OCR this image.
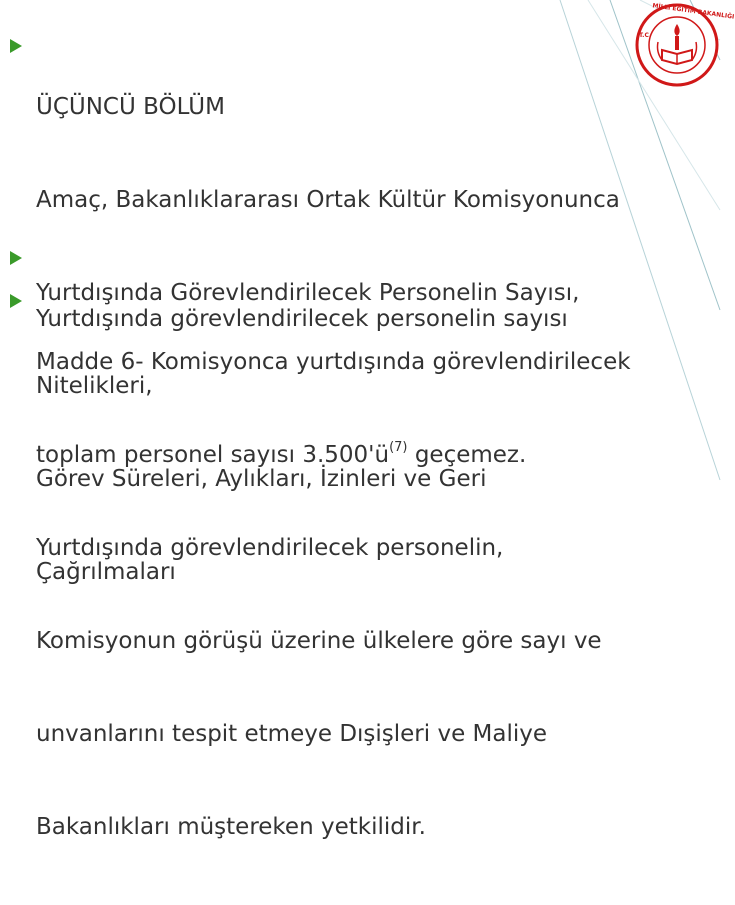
MİLLİ EĞİTİM BAKANLIĞI
T.C.

ÜÇÜNCÜ BÖLÜM

Amaç, Bakanlıklararası Ortak Kültür Komisyonunca

Yurtdışında Görevlendirilecek Personelin Sayısı,

Nitelikleri,

Görev Süreleri, Aylıkları, İzinleri ve Geri

Çağrılmaları

Yurtdışında görevlendirilecek personelin sayısı

Madde 6- Komisyonca yurtdışında görevlendirilecek

toplam personel sayısı $3.500'ü^{(7)}$ geçemez.

Yurtdışında görevlendirilecek personelin,

Komisyonun görüşü üzerine ülkelere göre sayı ve

unvanlarını tespit etmeye Dışişleri ve Maliye

Bakanlıkları müştereken yetkilidir.
